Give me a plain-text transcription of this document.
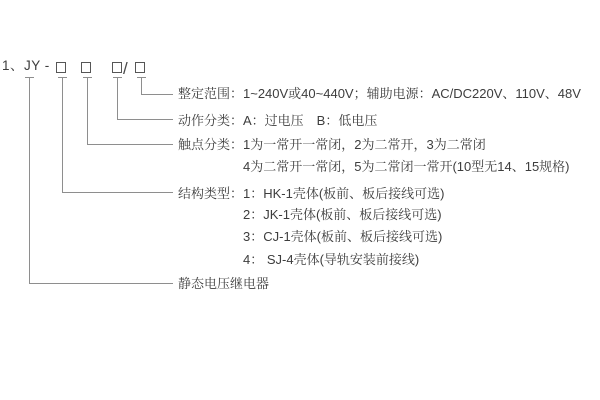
1、JY -	/
整定范围：1~240V或40~440V；辅助电源：AC/DC220V、110V、48V
动作分类：A：过电压　B：低电压
触点分类：1为一常开一常闭，2为二常开，3为二常闭
4为二常开一常闭，5为二常闭一常开(10型无14、15规格)
结构类型：1：HK-1壳体(板前、板后接线可选)
2：JK-1壳体(板前、板后接线可选)
3：CJ-1壳体(板前、板后接线可选)
4： SJ-4壳体(导轨安装前接线)
静态电压继电器
